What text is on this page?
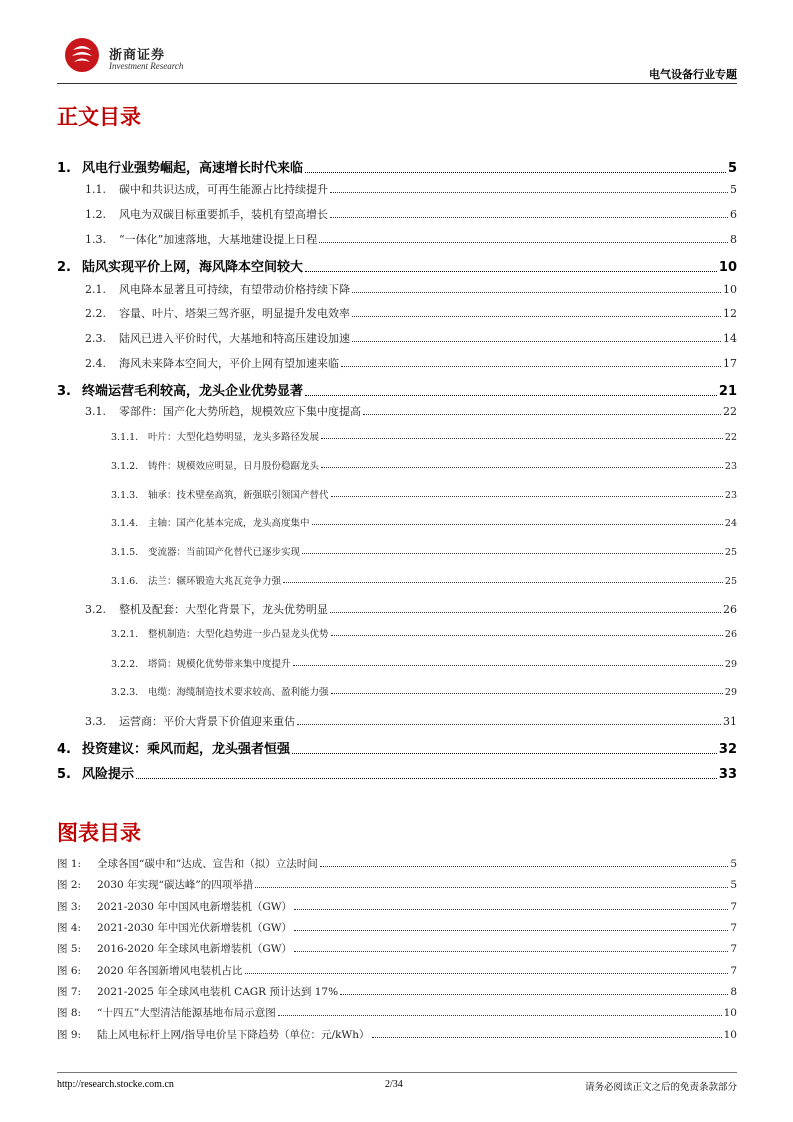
浙商证券
Investment Research
电气设备行业专题
正文目录
1. 风电行业强势崛起，高速增长时代来临	5
1.1.	碳中和共识达成，可再生能源占比持续提升	5
1.2.	风电为双碳目标重要抓手，装机有望高增长	6
1.3.	“一体化”加速落地，大基地建设提上日程	8
2. 陆风实现平价上网，海风降本空间较大	10
2.1.	风电降本显著且可持续，有望带动价格持续下降	10
2.2.	容量、叶片、塔架三驾齐驱，明显提升发电效率	12
2.3.	陆风已进入平价时代，大基地和特高压建设加速	14
2.4.	海风未来降本空间大，平价上网有望加速来临	17
3. 终端运营毛利较高，龙头企业优势显著	21
3.1.	零部件：国产化大势所趋，规模效应下集中度提高	22
3.1.1.	叶片：大型化趋势明显，龙头多路径发展	22
3.1.2.	铸件：规模效应明显，日月股份稳踞龙头	23
3.1.3.	轴承：技术壁垒高筑，新强联引领国产替代	23
3.1.4.	主轴：国产化基本完成，龙头高度集中	24
3.1.5.	变流器：当前国产化替代已逐步实现	25
3.1.6.	法兰：辗环锻造大兆瓦竞争力强	25
3.2.	整机及配套：大型化背景下，龙头优势明显	26
3.2.1.	整机制造：大型化趋势进一步凸显龙头优势	26
3.2.2.	塔筒：规模化优势带来集中度提升	29
3.2.3.	电缆：海缆制造技术要求较高、盈利能力强	29
3.3.	运营商：平价大背景下价值迎来重估	31
4. 投资建议：乘风而起，龙头强者恒强	32
5. 风险提示	33
图表目录
图 1:	全球各国“碳中和”达成、宣告和（拟）立法时间	5
图 2:	2030 年实现“碳达峰”的四项举措	5
图 3:	2021-2030 年中国风电新增装机（GW）	7
图 4:	2021-2030 年中国光伏新增装机（GW）	7
图 5:	2016-2020 年全球风电新增装机（GW）	7
图 6:	2020 年各国新增风电装机占比	7
图 7:	2021-2025 年全球风电装机 CAGR 预计达到 17%	8
图 8:	“十四五”大型清洁能源基地布局示意图	10
图 9:	陆上风电标杆上网/指导电价呈下降趋势（单位：元/kWh）	10
http://research.stocke.com.cn	2/34	请务必阅读正文之后的免责条款部分
